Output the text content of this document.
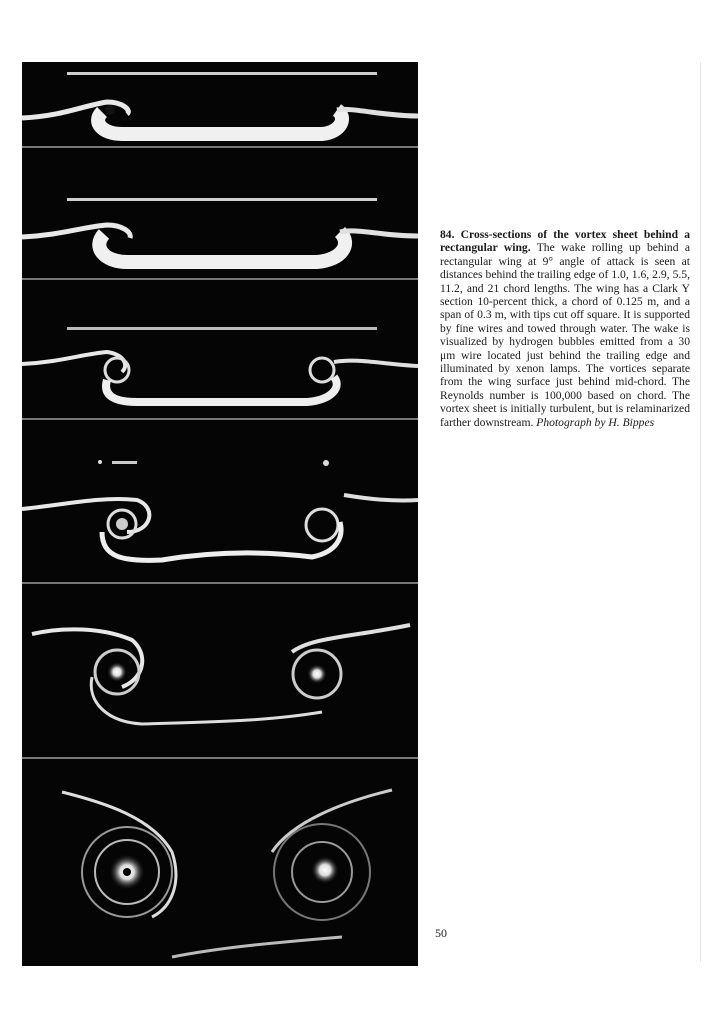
84. Cross-sections of the vortex sheet behind a rectangular wing. The wake rolling up behind a rectangular wing at 9° angle of attack is seen at distances behind the trailing edge of 1.0, 1.6, 2.9, 5.5, 11.2, and 21 chord lengths. The wing has a Clark Y section 10-percent thick, a chord of 0.125 m, and a span of 0.3 m, with tips cut off square. It is supported by fine wires and towed through water. The wake is visualized by hydrogen bubbles emitted from a 30 μm wire located just behind the trailing edge and illuminated by xenon lamps. The vortices separate from the wing surface just behind mid-chord. The Reynolds number is 100,000 based on chord. The vortex sheet is initially turbulent, but is relaminarized farther downstream. Photograph by H. Bippes
50
